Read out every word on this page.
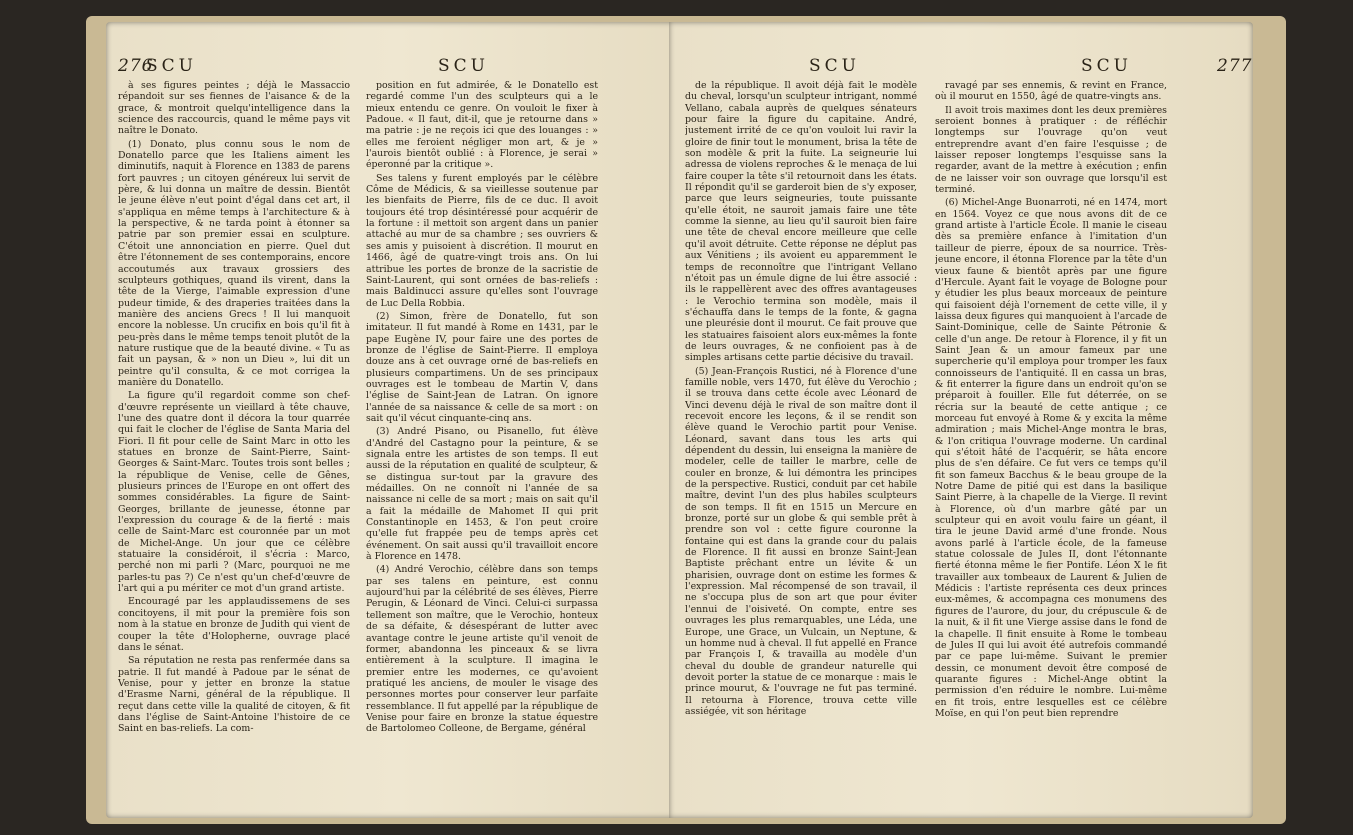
276
SCU	SCU

à ses figures peintes ; déjà le Massaccio répandoit sur ses fiennes de l'aisance & de la grace, & montroit quelqu'intelligence dans la science des raccourcis, quand le même pays vit naître le Donato.

(1) Donato, plus connu sous le nom de Donatello parce que les Italiens aiment les diminutifs, naquit à Florence en 1383 de parens fort pauvres ; un citoyen généreux lui servit de père, & lui donna un maître de dessin. Bientôt le jeune élève n'eut point d'égal dans cet art, il s'appliqua en même temps à l'architecture & à la perspective, & ne tarda point à étonner sa patrie par son premier essai en sculpture. C'étoit une annonciation en pierre. Quel dut être l'étonnement de ses contemporains, encore accoutumés aux travaux grossiers des sculpteurs gothiques, quand ils virent, dans la tête de la Vierge, l'aimable expression d'une pudeur timide, & des draperies traitées dans la manière des anciens Grecs ! Il lui manquoit encore la noblesse. Un crucifix en bois qu'il fit à peu-près dans le même temps tenoit plutôt de la nature rustique que de la beauté divine. « Tu as fait un paysan, & » non un Dieu », lui dit un peintre qu'il consulta, & ce mot corrigea la manière du Donatello.

La figure qu'il regardoit comme son chef-d'œuvre représente un vieillard à tête chauve, l'une des quatre dont il décora la tour quarrée qui fait le clocher de l'église de Santa Maria del Fiori. Il fit pour celle de Saint Marc in otto les statues en bronze de Saint-Pierre, Saint-Georges & Saint-Marc. Toutes trois sont belles ; la république de Venise, celle de Gênes, plusieurs princes de l'Europe en ont offert des sommes considérables. La figure de Saint-Georges, brillante de jeunesse, étonne par l'expression du courage & de la fierté : mais celle de Saint-Marc est couronnée par un mot de Michel-Ange. Un jour que ce célèbre statuaire la considéroit, il s'écria : Marco, perché non mi parli ? (Marc, pourquoi ne me parles-tu pas ?) Ce n'est qu'un chef-d'œuvre de l'art qui a pu mériter ce mot d'un grand artiste.

Encouragé par les applaudissemens de ses concitoyens, il mit pour la première fois son nom à la statue en bronze de Judith qui vient de couper la tête d'Holopherne, ouvrage placé dans le sénat.

Sa réputation ne resta pas renfermée dans sa patrie. Il fut mandé à Padoue par le sénat de Venise, pour y jetter en bronze la statue d'Erasme Narni, général de la république. Il reçut dans cette ville la qualité de citoyen, & fit dans l'église de Saint-Antoine l'histoire de ce Saint en bas-reliefs. La com-

position en fut admirée, & le Donatello est regardé comme l'un des sculpteurs qui a le mieux entendu ce genre. On vouloit le fixer à Padoue. « Il faut, dit-il, que je retourne dans » ma patrie : je ne reçois ici que des louanges : » elles me feroient négliger mon art, & je » l'aurois bientôt oublié : à Florence, je serai » éperonné par la critique ».

Ses talens y furent employés par le célèbre Côme de Médicis, & sa vieillesse soutenue par les bienfaits de Pierre, fils de ce duc. Il avoit toujours été trop désintéressé pour acquérir de la fortune : il mettoit son argent dans un panier attaché au mur de sa chambre ; ses ouvriers & ses amis y puisoient à discrétion. Il mourut en 1466, âgé de quatre-vingt trois ans. On lui attribue les portes de bronze de la sacristie de Saint-Laurent, qui sont ornées de bas-reliefs : mais Baldinucci assure qu'elles sont l'ouvrage de Luc Della Robbia.

(2) Simon, frère de Donatello, fut son imitateur. Il fut mandé à Rome en 1431, par le pape Eugène IV, pour faire une des portes de bronze de l'église de Saint-Pierre. Il employa douze ans à cet ouvrage orné de bas-reliefs en plusieurs compartimens. Un de ses principaux ouvrages est le tombeau de Martin V, dans l'église de Saint-Jean de Latran. On ignore l'année de sa naissance & celle de sa mort : on sait qu'il vécut cinquante-cinq ans.

(3) André Pisano, ou Pisanello, fut élève d'André del Castagno pour la peinture, & se signala entre les artistes de son temps. Il eut aussi de la réputation en qualité de sculpteur, & se distingua sur-tout par la gravure des médailles. On ne connoît ni l'année de sa naissance ni celle de sa mort ; mais on sait qu'il a fait la médaille de Mahomet II qui prit Constantinople en 1453, & l'on peut croire qu'elle fut frappée peu de temps après cet événement. On sait aussi qu'il travailloit encore à Florence en 1478.

(4) André Verochio, célèbre dans son temps par ses talens en peinture, est connu aujourd'hui par la célébrité de ses élèves, Pierre Perugin, & Léonard de Vinci. Celui-ci surpassa tellement son maître, que le Verochio, honteux de sa défaite, & désespérant de lutter avec avantage contre le jeune artiste qu'il venoit de former, abandonna les pinceaux & se livra entièrement à la sculpture. Il imagina le premier entre les modernes, ce qu'avoient pratiqué les anciens, de mouler le visage des personnes mortes pour conserver leur parfaite ressemblance. Il fut appellé par la république de Venise pour faire en bronze la statue équestre de Bartolomeo Colleone, de Bergame, général

SCU	SCU	277

de la république. Il avoit déjà fait le modèle du cheval, lorsqu'un sculpteur intrigant, nommé Vellano, cabala auprès de quelques sénateurs pour faire la figure du capitaine. André, justement irrité de ce qu'on vouloit lui ravir la gloire de finir tout le monument, brisa la tête de son modèle & prit la fuite. La seigneurie lui adressa de violens reproches & le menaça de lui faire couper la tête s'il retournoit dans les états. Il répondit qu'il se garderoit bien de s'y exposer, parce que leurs seigneuries, toute puissante qu'elle étoit, ne sauroit jamais faire une tête comme la sienne, au lieu qu'il sauroit bien faire une tête de cheval encore meilleure que celle qu'il avoit détruite. Cette réponse ne déplut pas aux Vénitiens ; ils avoient eu apparemment le temps de reconnoître que l'intrigant Vellano n'étoit pas un émule digne de lui être associé : ils le rappellèrent avec des offres avantageuses : le Verochio termina son modèle, mais il s'échauffa dans le temps de la fonte, & gagna une pleurésie dont il mourut. Ce fait prouve que les statuaires faisoient alors eux-mêmes la fonte de leurs ouvrages, & ne confioient pas à de simples artisans cette partie décisive du travail.

(5) Jean-François Rustici, né à Florence d'une famille noble, vers 1470, fut élève du Verochio ; il se trouva dans cette école avec Léonard de Vinci devenu déjà le rival de son maître dont il recevoit encore les leçons, & il se rendit son élève quand le Verochio partit pour Venise. Léonard, savant dans tous les arts qui dépendent du dessin, lui enseigna la manière de modeler, celle de tailler le marbre, celle de couler en bronze, & lui démontra les principes de la perspective. Rustici, conduit par cet habile maître, devint l'un des plus habiles sculpteurs de son temps. Il fit en 1515 un Mercure en bronze, porté sur un globe & qui semble prêt à prendre son vol : cette figure couronne la fontaine qui est dans la grande cour du palais de Florence. Il fit aussi en bronze Saint-Jean Baptiste prêchant entre un lévite & un pharisien, ouvrage dont on estime les formes & l'expression. Mal récompensé de son travail, il ne s'occupa plus de son art que pour éviter l'ennui de l'oisiveté. On compte, entre ses ouvrages les plus remarquables, une Léda, une Europe, une Grace, un Vulcain, un Neptune, & un homme nud à cheval. Il fut appellé en France par François I, & travailla au modèle d'un cheval du double de grandeur naturelle qui devoit porter la statue de ce monarque : mais le prince mourut, & l'ouvrage ne fut pas terminé. Il retourna à Florence, trouva cette ville assiégée, vit son héritage

ravagé par ses ennemis, & revint en France, où il mourut en 1550, âgé de quatre-vingts ans.

Il avoit trois maximes dont les deux premières seroient bonnes à pratiquer : de réfléchir longtemps sur l'ouvrage qu'on veut entreprendre avant d'en faire l'esquisse ; de laisser reposer longtemps l'esquisse sans la regarder, avant de la mettre à exécution ; enfin de ne laisser voir son ouvrage que lorsqu'il est terminé.

(6) Michel-Ange Buonarroti, né en 1474, mort en 1564. Voyez ce que nous avons dit de ce grand artiste à l'article École. Il manie le ciseau dès sa première enfance à l'imitation d'un tailleur de pierre, époux de sa nourrice. Très-jeune encore, il étonna Florence par la tête d'un vieux faune & bientôt après par une figure d'Hercule. Ayant fait le voyage de Bologne pour y étudier les plus beaux morceaux de peinture qui faisoient déjà l'ornement de cette ville, il y laissa deux figures qui manquoient à l'arcade de Saint-Dominique, celle de Sainte Pétronie & celle d'un ange. De retour à Florence, il y fit un Saint Jean & un amour fameux par une supercherie qu'il employa pour tromper les faux connoisseurs de l'antiquité. Il en cassa un bras, & fit enterrer la figure dans un endroit qu'on se préparoit à fouiller. Elle fut déterrée, on se récria sur la beauté de cette antique ; ce morceau fut envoyé à Rome & y excita la même admiration ; mais Michel-Ange montra le bras, & l'on critiqua l'ouvrage moderne. Un cardinal qui s'étoit hâté de l'acquérir, se hâta encore plus de s'en défaire. Ce fut vers ce temps qu'il fit son fameux Bacchus & le beau groupe de la Notre Dame de pitié qui est dans la basilique Saint Pierre, à la chapelle de la Vierge. Il revint à Florence, où d'un marbre gâté par un sculpteur qui en avoit voulu faire un géant, il tira le jeune David armé d'une fronde. Nous avons parlé à l'article école, de la fameuse statue colossale de Jules II, dont l'étonnante fierté étonna même le fier Pontife. Léon X le fit travailler aux tombeaux de Laurent & Julien de Médicis : l'artiste représenta ces deux princes eux-mêmes, & accompagna ces monumens des figures de l'aurore, du jour, du crépuscule & de la nuit, & il fit une Vierge assise dans le fond de la chapelle. Il finit ensuite à Rome le tombeau de Jules II qui lui avoit été autrefois commandé par ce pape lui-même. Suivant le premier dessin, ce monument devoit être composé de quarante figures : Michel-Ange obtint la permission d'en réduire le nombre. Lui-même en fit trois, entre lesquelles est ce célèbre Moïse, en qui l'on peut bien reprendre
